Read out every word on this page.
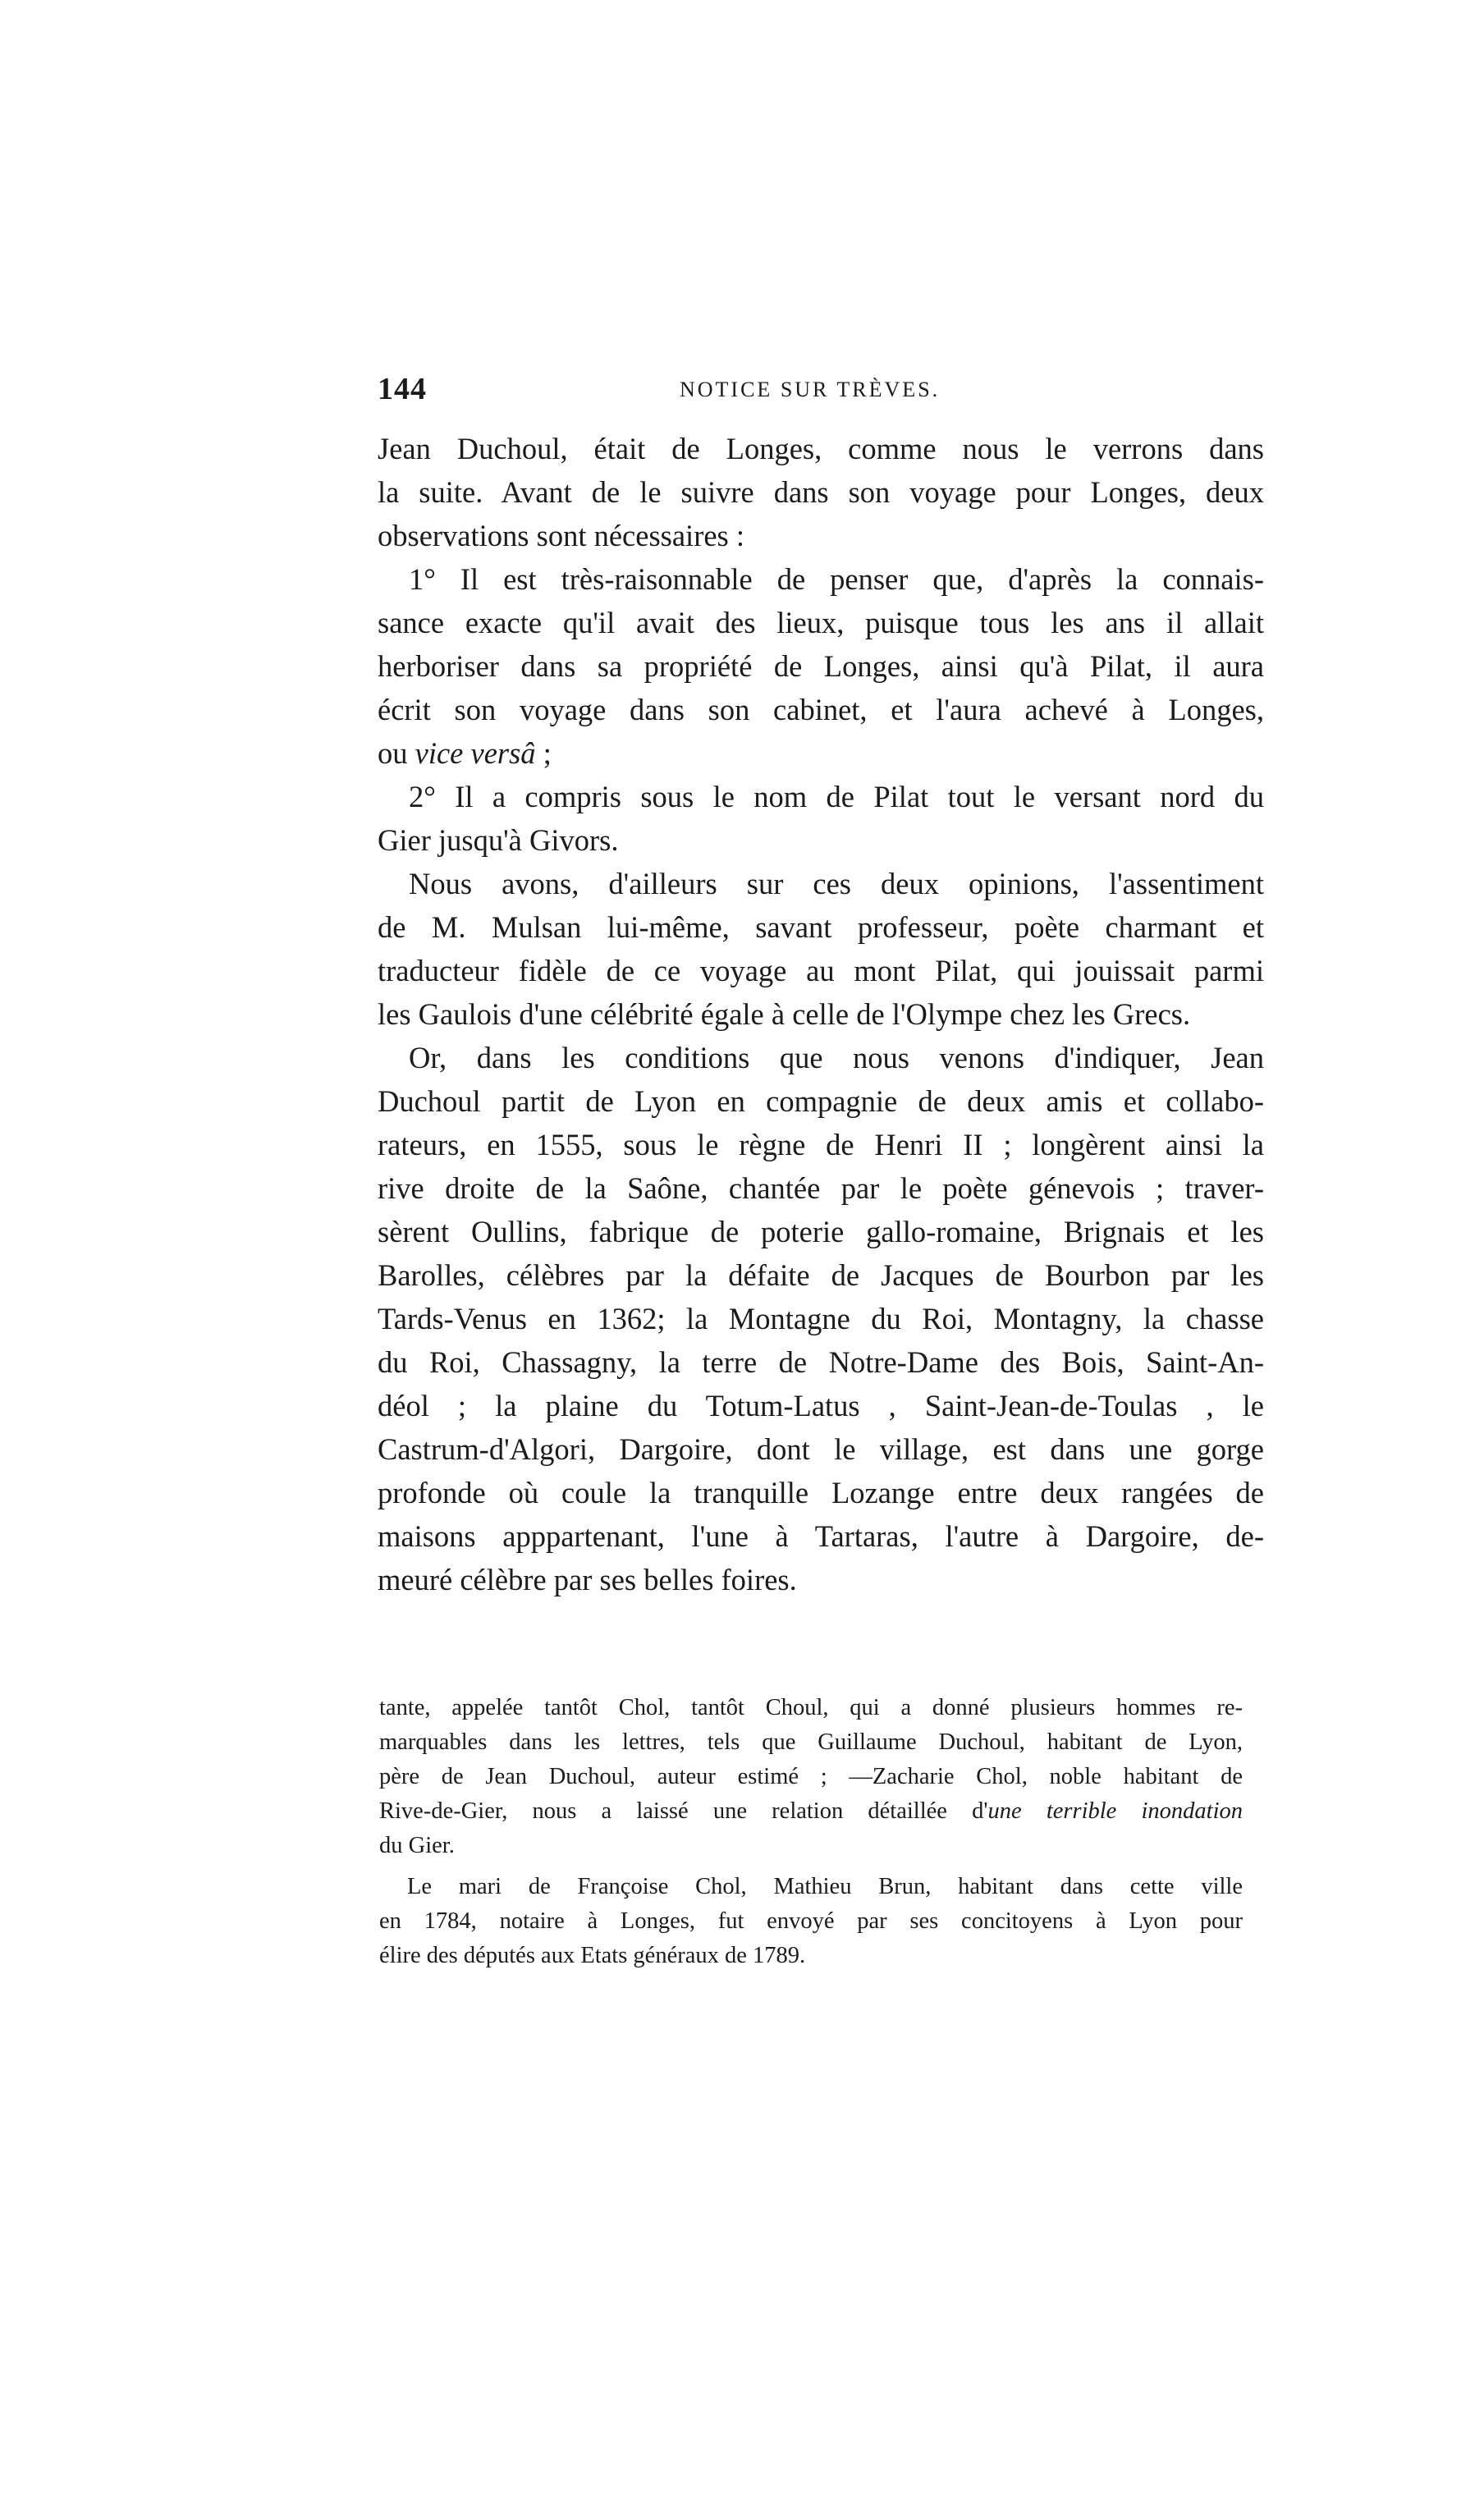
144	NOTICE SUR TRÈVES.
Jean Duchoul, était de Longes, comme nous le verrons dans
la suite. Avant de le suivre dans son voyage pour Longes, deux
observations sont nécessaires :
1° Il est très-raisonnable de penser que, d'après la connais-
sance exacte qu'il avait des lieux, puisque tous les ans il allait
herboriser dans sa propriété de Longes, ainsi qu'à Pilat, il aura
écrit son voyage dans son cabinet, et l'aura achevé à Longes,
ou vice versâ ;
2° Il a compris sous le nom de Pilat tout le versant nord du
Gier jusqu'à Givors.
Nous avons, d'ailleurs sur ces deux opinions, l'assentiment
de M. Mulsan lui-même, savant professeur, poète charmant et
traducteur fidèle de ce voyage au mont Pilat, qui jouissait parmi
les Gaulois d'une célébrité égale à celle de l'Olympe chez les Grecs.
Or, dans les conditions que nous venons d'indiquer, Jean
Duchoul partit de Lyon en compagnie de deux amis et collabo-
rateurs, en 1555, sous le règne de Henri II ; longèrent ainsi la
rive droite de la Saône, chantée par le poète génevois ; traver-
sèrent Oullins, fabrique de poterie gallo-romaine, Brignais et les
Barolles, célèbres par la défaite de Jacques de Bourbon par les
Tards-Venus en 1362; la Montagne du Roi, Montagny, la chasse
du Roi, Chassagny, la terre de Notre-Dame des Bois, Saint-An-
déol ; la plaine du Totum-Latus , Saint-Jean-de-Toulas , le
Castrum-d'Algori, Dargoire, dont le village, est dans une gorge
profonde où coule la tranquille Lozange entre deux rangées de
maisons apppartenant, l'une à Tartaras, l'autre à Dargoire, de-
meuré célèbre par ses belles foires.
tante, appelée tantôt Chol, tantôt Choul, qui a donné plusieurs hommes re-
marquables dans les lettres, tels que Guillaume Duchoul, habitant de Lyon,
père de Jean Duchoul, auteur estimé ; —Zacharie Chol, noble habitant de
Rive-de-Gier, nous a laissé une relation détaillée d'une terrible inondation
du Gier.
Le mari de Françoise Chol, Mathieu Brun, habitant dans cette ville
en 1784, notaire à Longes, fut envoyé par ses concitoyens à Lyon pour
élire des députés aux Etats généraux de 1789.
